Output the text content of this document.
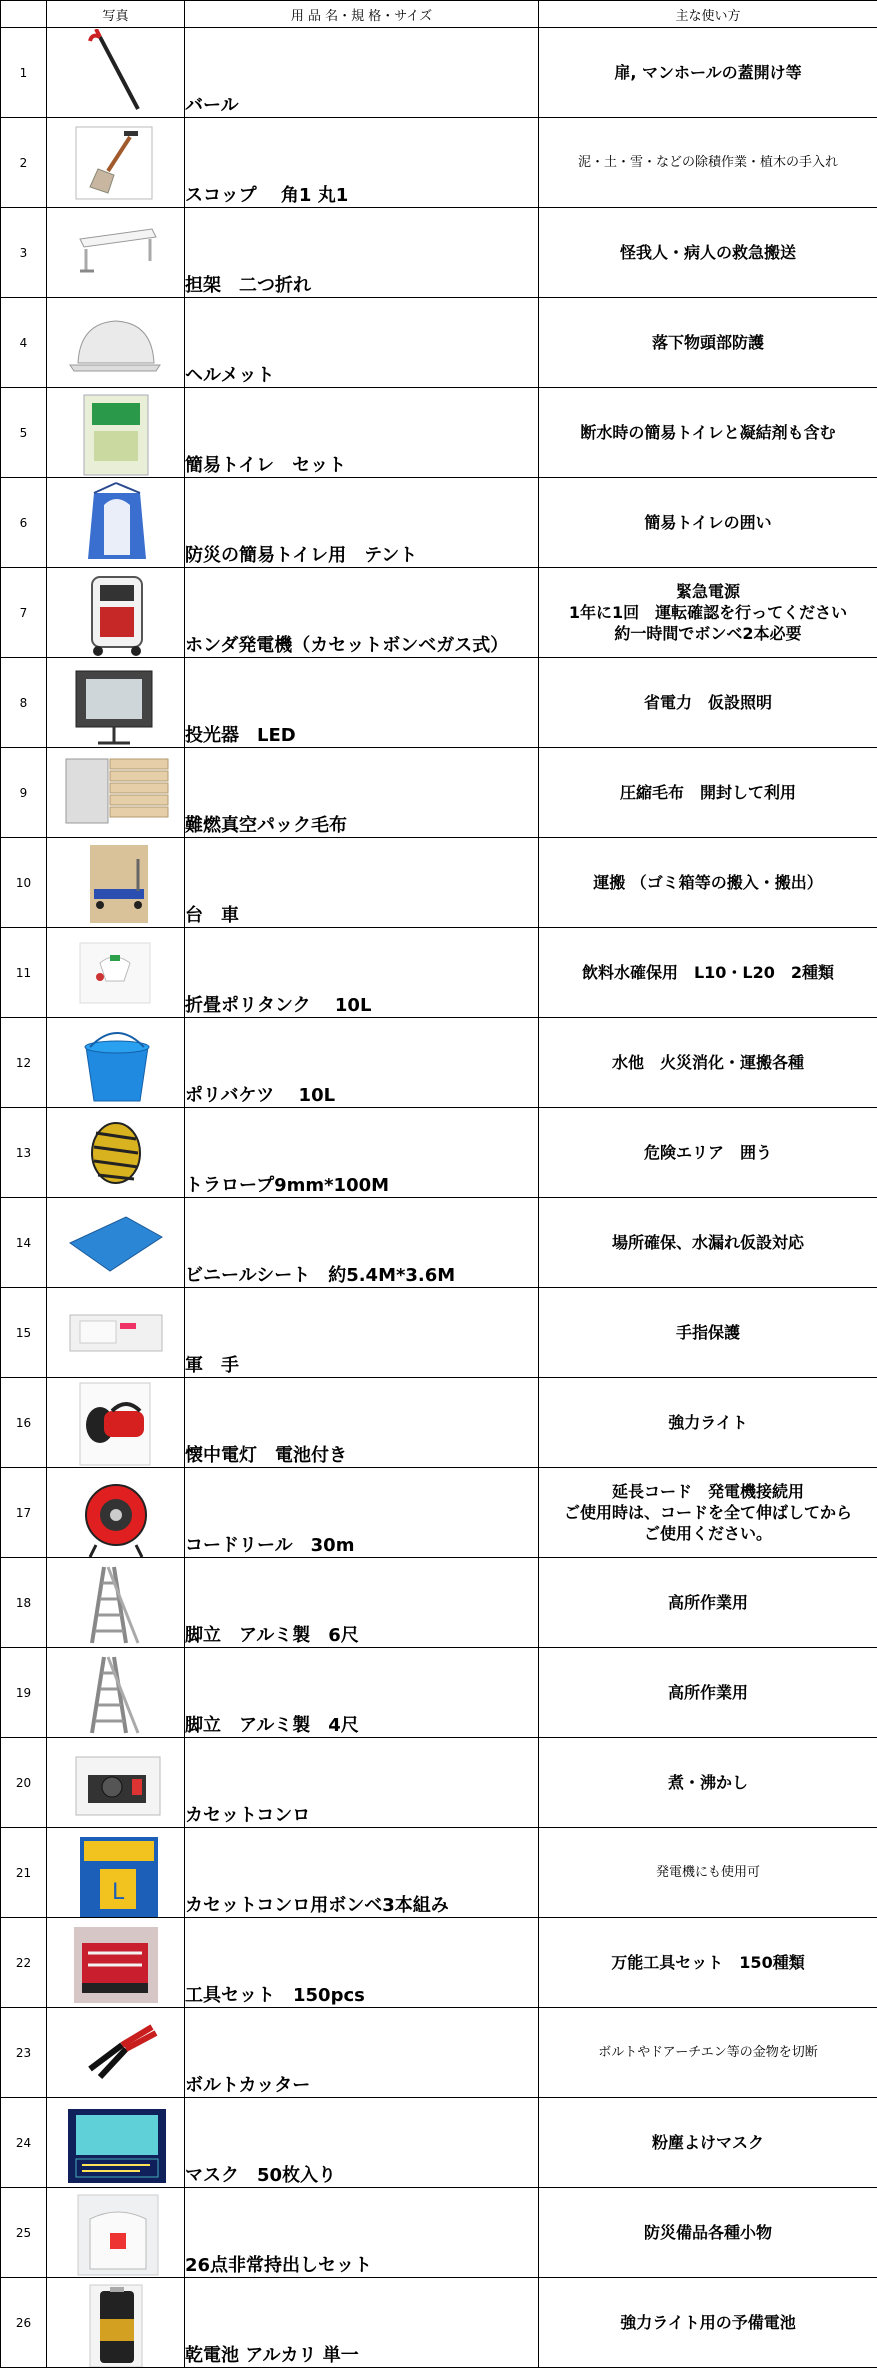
	写真	用 品 名・規 格・サイズ	主な使い方
1		バール	扉, マンホールの蓋開け等
2		スコップ　 角1 丸1	泥・土・雪・などの除積作業・植木の手入れ
3		担架　二つ折れ	怪我人・病人の救急搬送
4		ヘルメット	落下物頭部防護
5		簡易トイレ　セット	断水時の簡易トイレと凝結剤も含む
6		防災の簡易トイレ用　テント	簡易トイレの囲い
7		ホンダ発電機（カセットボンベガス式）	緊急電源
1年に1回　運転確認を行ってください
約一時間でボンベ2本必要
8		投光器　LED	省電力　仮設照明
9		難燃真空パック毛布	圧縮毛布　開封して利用
10		台　車	運搬 （ゴミ箱等の搬入・搬出）
11		折畳ポリタンク　 10L	飲料水確保用　L10・L20　2種類
12		ポリバケツ　 10L	水他　火災消化・運搬各種
13		トラロープ9mm*100M	危険エリア　囲う
14		ビニールシート　約5.4M*3.6M	場所確保、水漏れ仮設対応
15		軍　手	手指保護
16		懐中電灯　電池付き	強力ライト
17		コードリール　30m	延長コード　発電機接続用
ご使用時は、コードを全て伸ばしてから
ご使用ください。
18		脚立　アルミ製　6尺	高所作業用
19		脚立　アルミ製　4尺	高所作業用
20		カセットコンロ	煮・沸かし
21	L	カセットコンロ用ボンベ3本組み	発電機にも使用可
22		工具セット　150pcs	万能工具セット　150種類
23		ボルトカッター	ボルトやドアーチエン等の金物を切断
24		マスク　50枚入り	粉塵よけマスク
25		26点非常持出しセット	防災備品各種小物
26		乾電池 アルカリ 単一	強力ライト用の予備電池
